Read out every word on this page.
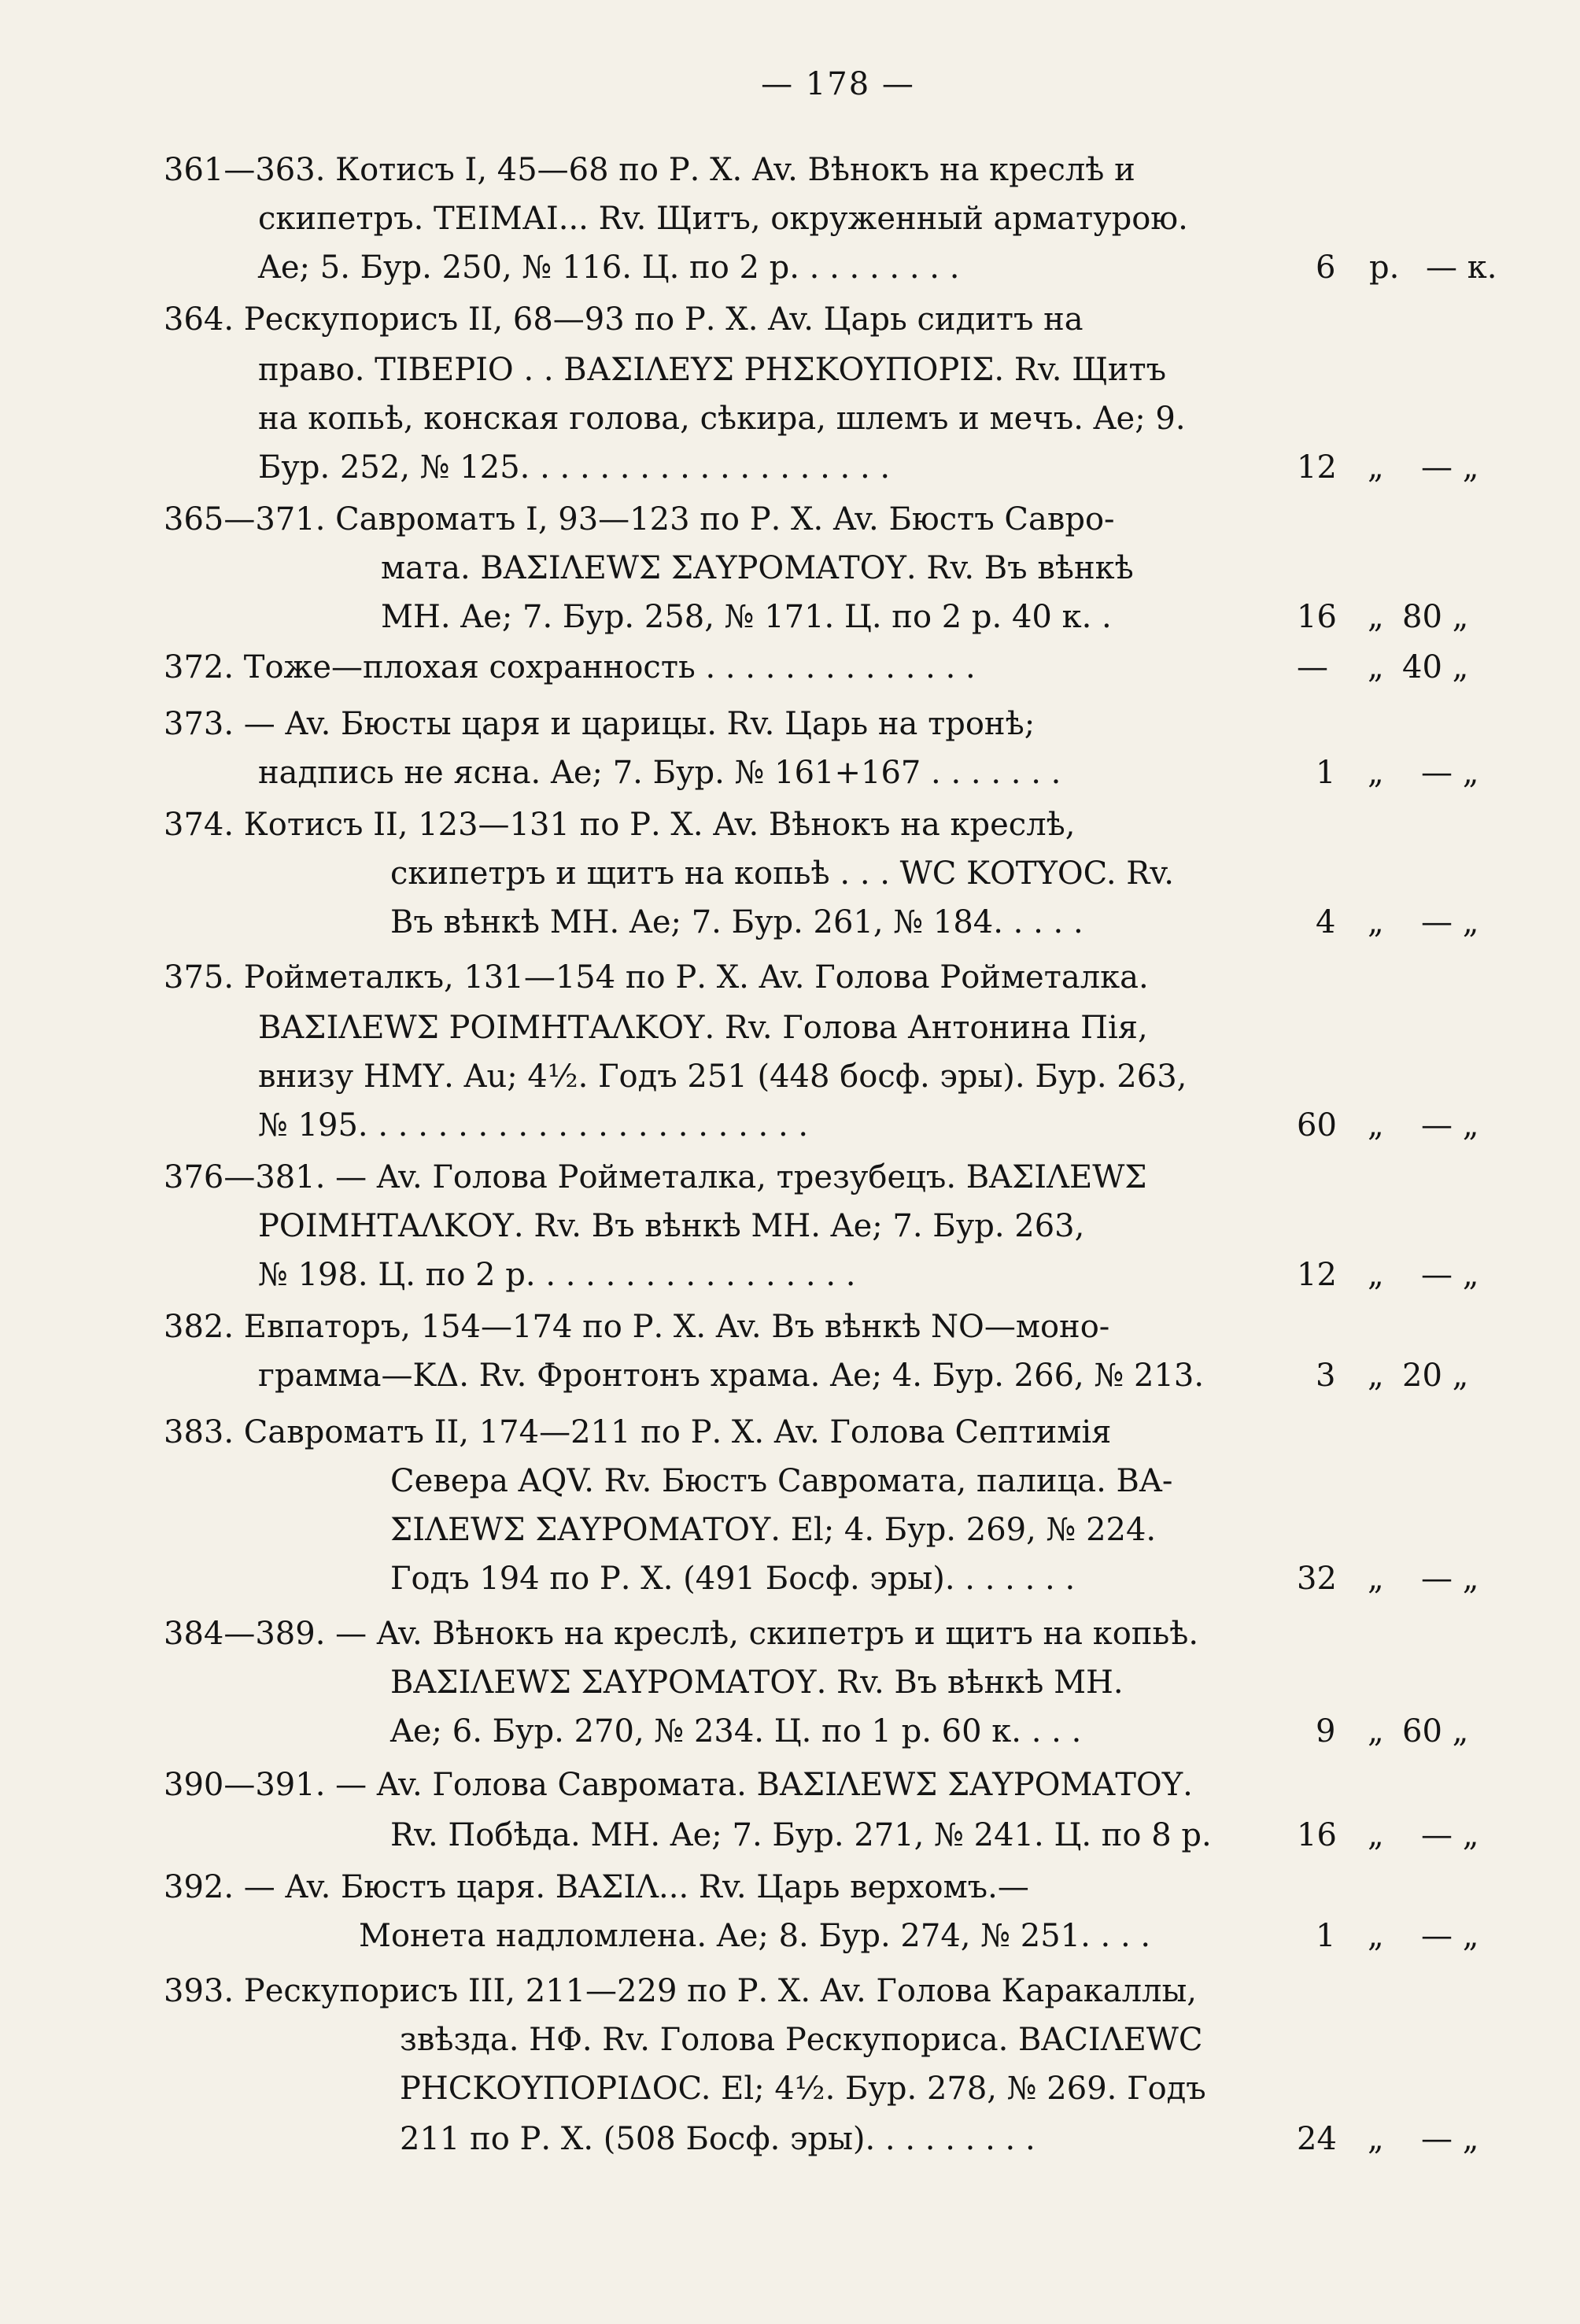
— 178 —
361—363. Котисъ I, 45—68 по Р. Х. Av. Вѣнокъ на креслѣ и
скипетръ. ТЕІМАІ... Rv. Щитъ, окруженный арматурою.
Ae; 5. Бур. 250, № 116. Ц. по 2 р. . . . . . . . .	6 р. — к.
364. Рескупорисъ II, 68—93 по Р. Х. Av. Царь сидитъ на
право. ТІВЕРІО . . ВАΣІΛΕΥΣ ΡΗΣΚΟΥΠΟΡΙΣ. Rv. Щитъ
на копьѣ, конская голова, сѣкира, шлемъ и мечъ. Ae; 9.
Бур. 252, № 125. . . . . . . . . . . . . . . . . . .	12 „ — „
365—371. Савроматъ I, 93—123 по Р. Х. Av. Бюстъ Савро-
мата. ΒΑΣΙΛΕWΣ ΣΑΥΡΟΜΑΤΟΥ. Rv. Въ вѣнкѣ
МН. Ae; 7. Бур. 258, № 171. Ц. по 2 р. 40 к. .	16 „ 80 „
372. Тоже—плохая сохранность . . . . . . . . . . . . . .	— „ 40 „
373. — Av. Бюсты царя и царицы. Rv. Царь на тронѣ;
надпись не ясна. Ae; 7. Бур. № 161+167 . . . . . . .	1 „ — „
374. Котисъ II, 123—131 по Р. Х. Av. Вѣнокъ на креслѣ,
скипетръ и щитъ на копьѣ . . . WC ΚΟΤΥΟC. Rv.
Въ вѣнкѣ МН. Ae; 7. Бур. 261, № 184. . . . .	4 „ — „
375. Ройметалкъ, 131—154 по Р. Х. Av. Голова Ройметалка.
ΒΑΣΙΛΕWΣ ΡΟΙΜΗΤΑΛΚΟΥ. Rv. Голова Антонина Пія,
внизу ΗΜΥ. Au; 4½. Годъ 251 (448 босф. эры). Бур. 263,
№ 195. . . . . . . . . . . . . . . . . . . . . . .	60 „ — „
376—381. — Av. Голова Ройметалка, трезубецъ. ΒΑΣΙΛΕWΣ
ΡΟΙΜΗΤΑΛΚΟΥ. Rv. Въ вѣнкѣ МН. Ae; 7. Бур. 263,
№ 198. Ц. по 2 р. . . . . . . . . . . . . . . . .	12 „ — „
382. Евпаторъ, 154—174 по Р. Х. Av. Въ вѣнкѣ ΝΟ—моно-
грамма—ΚΔ. Rv. Фронтонъ храма. Ae; 4. Бур. 266, № 213.	3 „ 20 „
383. Савроматъ II, 174—211 по Р. Х. Av. Голова Септимія
Севера AQV. Rv. Бюстъ Савромата, палица. ΒΑ-
ΣΙΛΕWΣ ΣΑΥΡΟΜΑΤΟΥ. El; 4. Бур. 269, № 224.
Годъ 194 по Р. Х. (491 Босф. эры). . . . . . .	32 „ — „
384—389. — Av. Вѣнокъ на креслѣ, скипетръ и щитъ на копьѣ.
ΒΑΣΙΛΕWΣ ΣΑΥΡΟΜΑΤΟΥ. Rv. Въ вѣнкѣ МН.
Ae; 6. Бур. 270, № 234. Ц. по 1 р. 60 к. . . .	9 „ 60 „
390—391. — Av. Голова Савромата. ΒΑΣΙΛΕWΣ ΣΑΥΡΟΜΑΤΟΥ.
Rv. Побѣда. МН. Ae; 7. Бур. 271, № 241. Ц. по 8 р.	16 „ — „
392. — Av. Бюстъ царя. ΒΑΣΙΛ... Rv. Царь верхомъ.—
Монета надломлена. Ae; 8. Бур. 274, № 251. . . .	1 „ — „
393. Рескупорисъ III, 211—229 по Р. Х. Av. Голова Каракаллы,
звѣзда. ΗΦ. Rv. Голова Рескупориса. ΒΑCΙΛΕWC
ΡΗCΚΟΥΠΟΡΙΔΟC. El; 4½. Бур. 278, № 269. Годъ
211 по Р. Х. (508 Босф. эры). . . . . . . . .	24 „ — „
